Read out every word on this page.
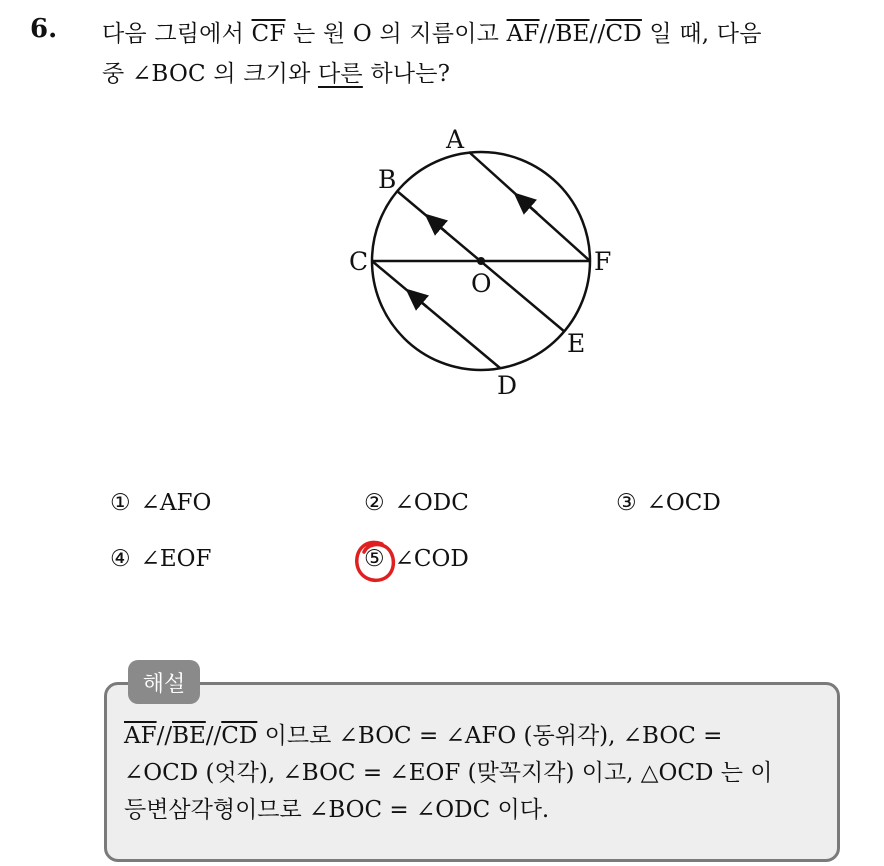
6. 다음 그림에서 $\overline{CF}$ 는 원 O 의 지름이고 $\overline{AF}//\overline{BE}//\overline{CD}$ 일 때, 다음
중 ∠BOC 의 크기와 다른 하나는?
A
B
C
O
F
E
D
① ∠AFO	② ∠ODC	③ ∠OCD
④ ∠EOF	⑤ ∠COD
해설
$\overline{AF}//\overline{BE}//\overline{CD}$ 이므로 ∠BOC = ∠AFO (동위각), ∠BOC =
∠OCD (엇각), ∠BOC = ∠EOF (맞꼭지각) 이고, △OCD 는 이
등변삼각형이므로 ∠BOC = ∠ODC 이다.
